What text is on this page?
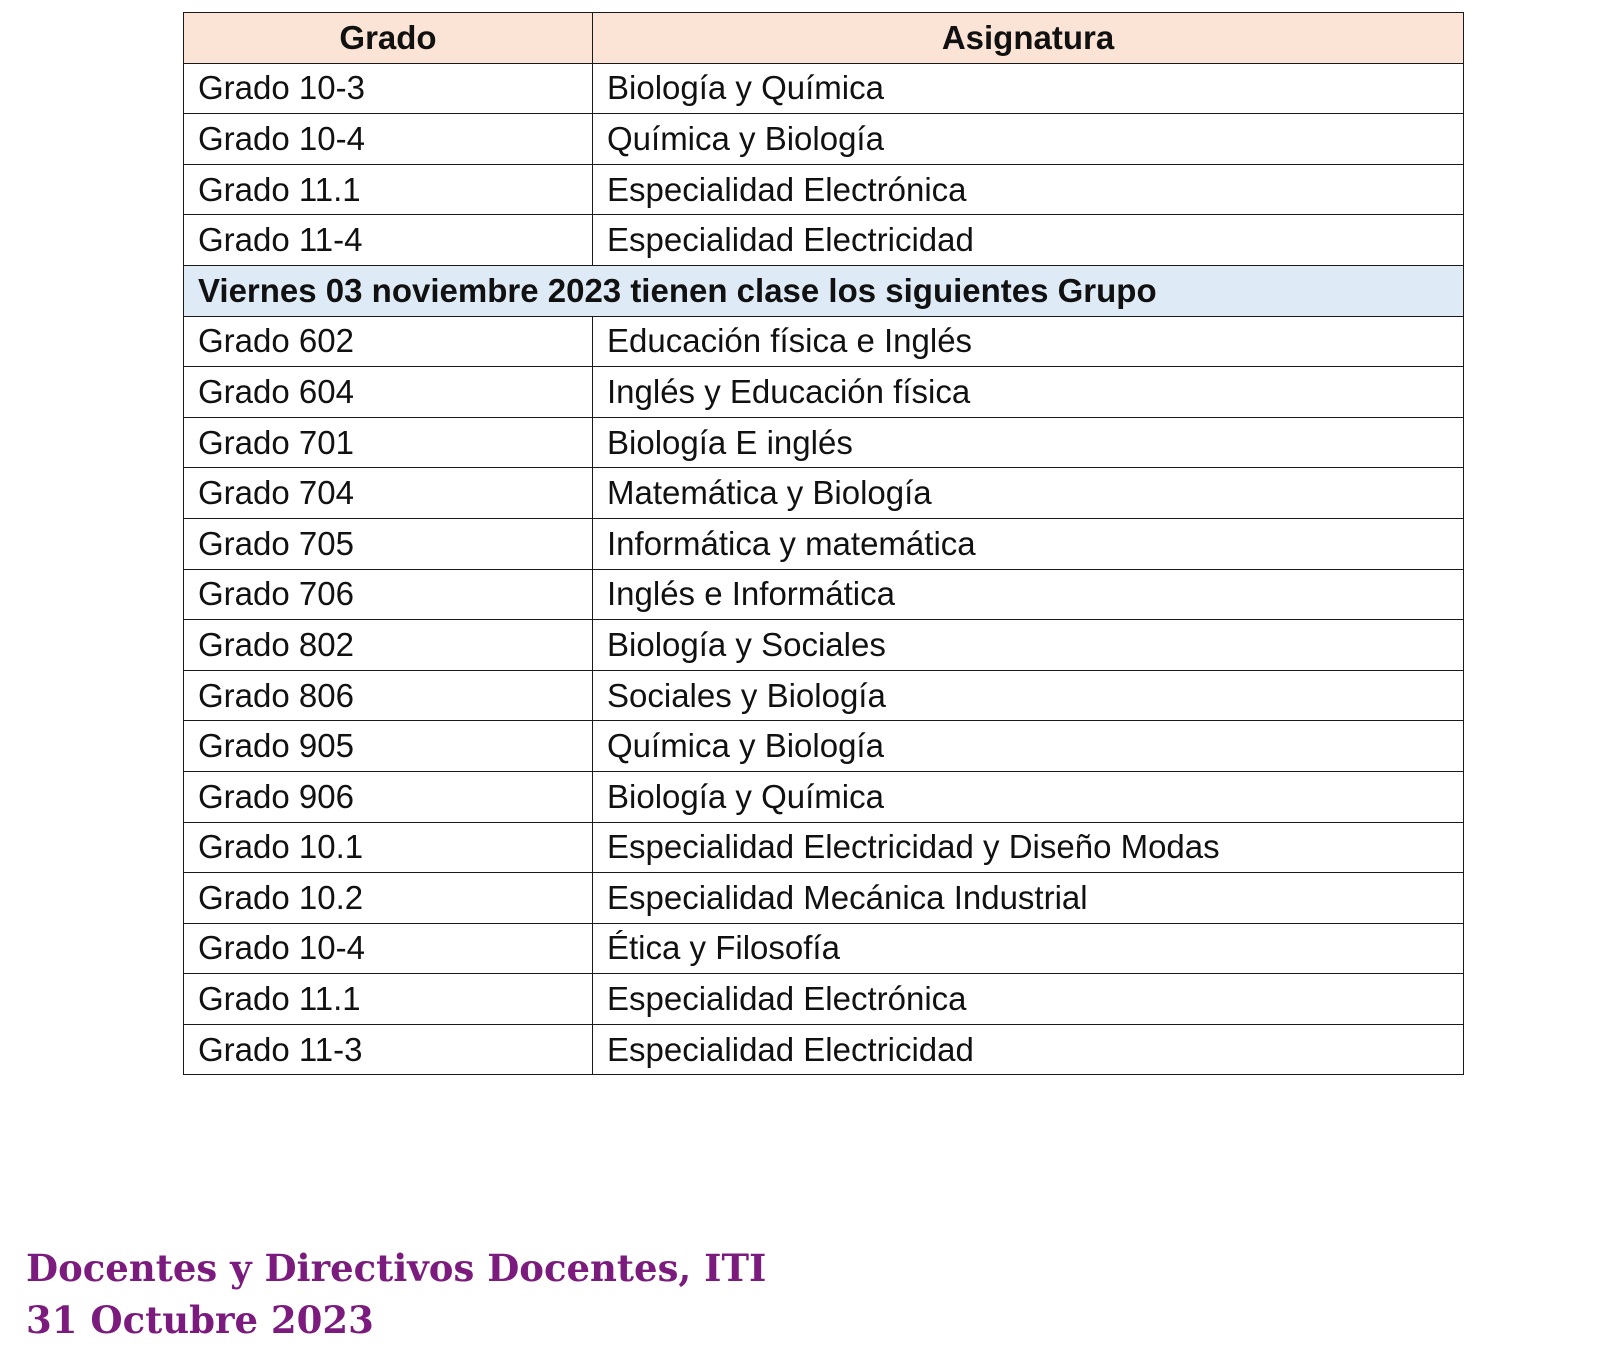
Grado	Asignatura
Grado 10-3	Biología y Química
Grado 10-4	Química y Biología
Grado 11.1	Especialidad Electrónica
Grado 11-4	Especialidad Electricidad
Viernes 03 noviembre 2023 tienen clase los siguientes Grupo	
Grado 602	Educación física e Inglés
Grado 604	Inglés y Educación física
Grado 701	Biología E inglés
Grado 704	Matemática y Biología
Grado 705	Informática y matemática
Grado 706	Inglés e Informática
Grado 802	Biología y Sociales
Grado 806	Sociales y Biología
Grado 905	Química y Biología
Grado 906	Biología y Química
Grado 10.1	Especialidad Electricidad y Diseño Modas
Grado 10.2	Especialidad Mecánica Industrial
Grado 10-4	Ética y Filosofía
Grado 11.1	Especialidad Electrónica
Grado 11-3	Especialidad Electricidad

Docentes y Directivos Docentes, ITI

31 Octubre 2023
